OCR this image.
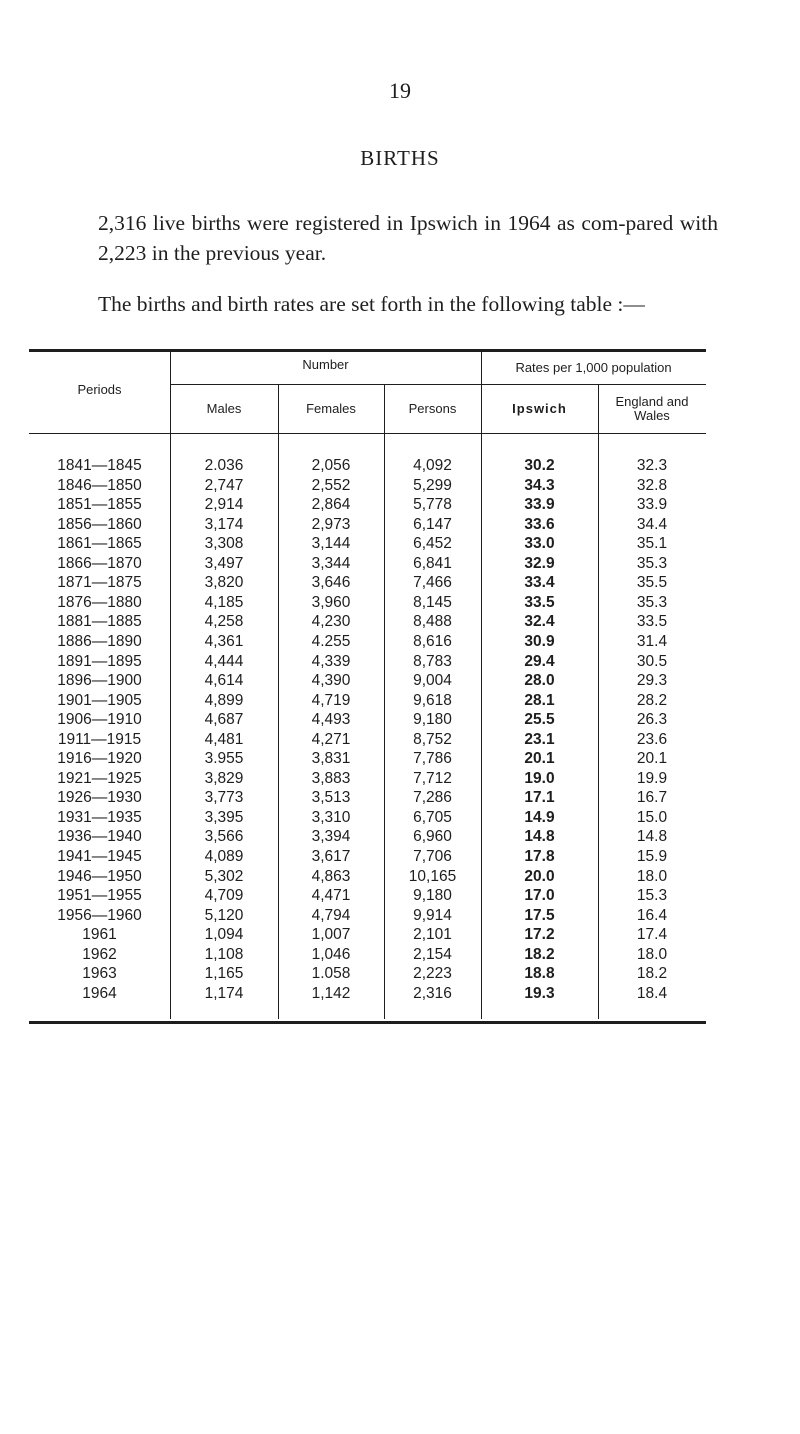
19
BIRTHS
2,316 live births were registered in Ipswich in 1964 as com-pared with 2,223 in the previous year.
The births and birth rates are set forth in the following table :—
Periods
Number	Rates per 1,000 population
Males	Females	Persons	Ipswich	England and Wales
1841—1845	2.036	2,056	4,092	30.2	32.3
1846—1850	2,747	2,552	5,299	34.3	32.8
1851—1855	2,914	2,864	5,778	33.9	33.9
1856—1860	3,174	2,973	6,147	33.6	34.4
1861—1865	3,308	3,144	6,452	33.0	35.1
1866—1870	3,497	3,344	6,841	32.9	35.3
1871—1875	3,820	3,646	7,466	33.4	35.5
1876—1880	4,185	3,960	8,145	33.5	35.3
1881—1885	4,258	4,230	8,488	32.4	33.5
1886—1890	4,361	4.255	8,616	30.9	31.4
1891—1895	4,444	4,339	8,783	29.4	30.5
1896—1900	4,614	4,390	9,004	28.0	29.3
1901—1905	4,899	4,719	9,618	28.1	28.2
1906—1910	4,687	4,493	9,180	25.5	26.3
1911—1915	4,481	4,271	8,752	23.1	23.6
1916—1920	3.955	3,831	7,786	20.1	20.1
1921—1925	3,829	3,883	7,712	19.0	19.9
1926—1930	3,773	3,513	7,286	17.1	16.7
1931—1935	3,395	3,310	6,705	14.9	15.0
1936—1940	3,566	3,394	6,960	14.8	14.8
1941—1945	4,089	3,617	7,706	17.8	15.9
1946—1950	5,302	4,863	10,165	20.0	18.0
1951—1955	4,709	4,471	9,180	17.0	15.3
1956—1960	5,120	4,794	9,914	17.5	16.4
1961	1,094	1,007	2,101	17.2	17.4
1962	1,108	1,046	2,154	18.2	18.0
1963	1,165	1.058	2,223	18.8	18.2
1964	1,174	1,142	2,316	19.3	18.4
